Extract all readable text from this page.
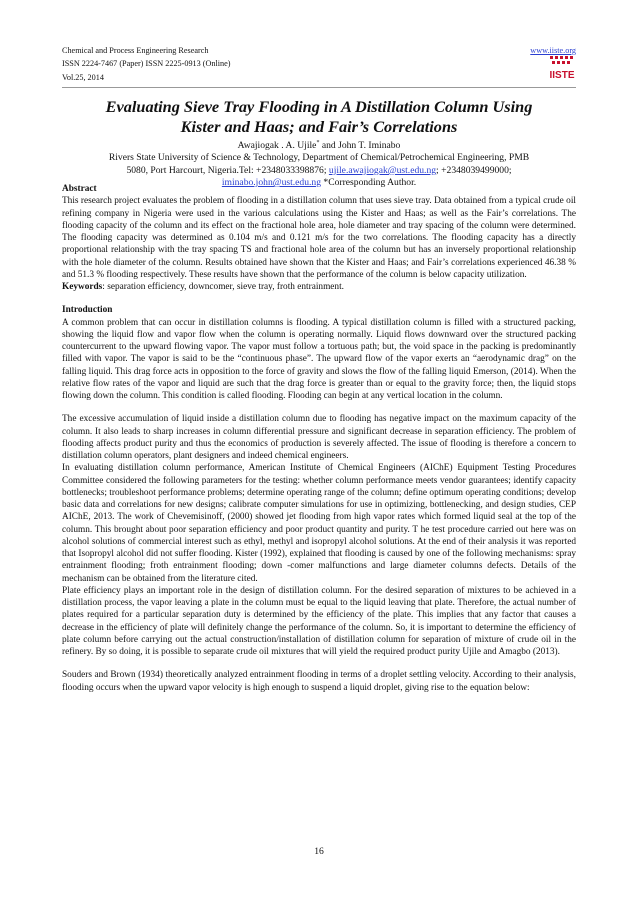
Chemical and Process Engineering Research	www.iiste.org
ISSN 2224-7467 (Paper) ISSN 2225-0913 (Online)
Vol.25, 2014	IISTE
Evaluating Sieve Tray Flooding in A Distillation Column Using
Kister and Haas; and Fair’s Correlations
Awajiogak . A. Ujile* and John T. Iminabo
Rivers State University of Science & Technology, Department of Chemical/Petrochemical Engineering, PMB
5080, Port Harcourt, Nigeria.Tel: +2348033398876; ujile.awajiogak@ust.edu.ng; +2348039499000;
iminabo.john@ust.edu.ng *Corresponding Author.

Abstract

This research project evaluates the problem of flooding in a distillation column that uses sieve tray. Data obtained from a typical crude oil refining company in Nigeria were used in the various calculations using the Kister and Haas; as well as the Fair’s correlations. The flooding capacity of the column and its effect on the fractional hole area, hole diameter and tray spacing of the column were determined. The flooding capacity was determined as 0.104 m/s and 0.121 m/s for the two correlations. The flooding capacity has a directly proportional relationship with the tray spacing TS and fractional hole area of the column but has an inversely proportional relationship with the hole diameter of the column. Results obtained have shown that the Kister and Haas; and Fair’s correlations experienced 46.38 % and 51.3 % flooding respectively. These results have shown that the performance of the column is below capacity utilization.

Keywords: separation efficiency, downcomer, sieve tray, froth entrainment.

Introduction

A common problem that can occur in distillation columns is flooding. A typical distillation column is filled with a structured packing, showing the liquid flow and vapor flow when the column is operating normally. Liquid flows downward over the structured packing countercurrent to the upward flowing vapor. The vapor must follow a tortuous path; but, the void space in the packing is predominantly filled with vapor. The vapor is said to be the “continuous phase”. The upward flow of the vapor exerts an “aerodynamic drag” on the falling liquid. This drag force acts in opposition to the force of gravity and slows the flow of the falling liquid Emerson, (2014). When the relative flow rates of the vapor and liquid are such that the drag force is greater than or equal to the gravity force; then, the liquid stops flowing down the column. This condition is called flooding. Flooding can begin at any vertical location in the column.

The excessive accumulation of liquid inside a distillation column due to flooding has negative impact on the maximum capacity of the column. It also leads to sharp increases in column differential pressure and significant decrease in separation efficiency. The problem of flooding affects product purity and thus the economics of production is severely affected. The issue of flooding is therefore a concern to distillation column operators, plant designers and indeed chemical engineers.

In evaluating distillation column performance, American Institute of Chemical Engineers (AIChE) Equipment Testing Procedures Committee considered the following parameters for the testing: whether column performance meets vendor guarantees; identify capacity bottlenecks; troubleshoot performance problems; determine operating range of the column; define optimum operating conditions; develop basic data and correlations for new designs; calibrate computer simulations for use in optimizing, bottlenecking, and design studies, CEP AIChE, 2013. The work of Chevemisinoff, (2000) showed jet flooding from high vapor rates which formed liquid seal at the top of the column. This brought about poor separation efficiency and poor product quantity and purity. T he test procedure carried out here was on alcohol solutions of commercial interest such as ethyl, methyl and isopropyl alcohol solutions. At the end of their analysis it was reported that Isopropyl alcohol did not suffer flooding. Kister (1992), explained that flooding is caused by one of the following mechanisms: spray entrainment flooding; froth entrainment flooding; down -comer malfunctions and large diameter columns defects. Details of the mechanism can be obtained from the literature cited.

Plate efficiency plays an important role in the design of distillation column. For the desired separation of mixtures to be achieved in a distillation process, the vapor leaving a plate in the column must be equal to the liquid leaving that plate. Therefore, the actual number of plates required for a particular separation duty is determined by the efficiency of the plate. This implies that any factor that causes a decrease in the efficiency of plate will definitely change the performance of the column. So, it is important to determine the efficiency of plate column before carrying out the actual construction/installation of distillation column for separation of mixture of crude oil in the refinery. By so doing, it is possible to separate crude oil mixtures that will yield the required product purity Ujile and Amagbo (2013).

Souders and Brown (1934) theoretically analyzed entrainment flooding in terms of a droplet settling velocity. According to their analysis, flooding occurs when the upward vapor velocity is high enough to suspend a liquid droplet, giving rise to the equation below:

16
